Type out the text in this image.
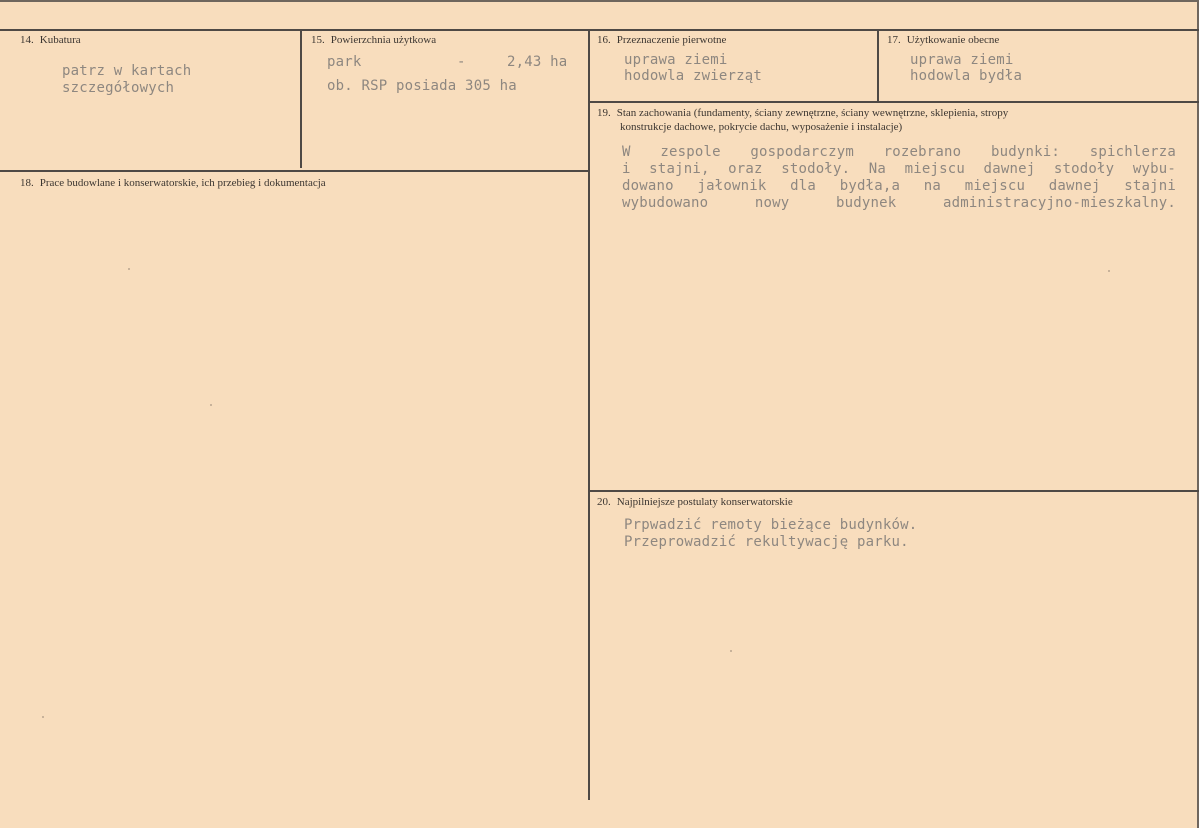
14. Kubatura
patrz w kartach
szczegółowych
15. Powierzchnia użytkowa
park	-	2,43 ha
ob. RSP posiada 305 ha
16. Przeznaczenie pierwotne
uprawa ziemi
hodowla zwierząt
17. Użytkowanie obecne
uprawa ziemi
hodowla bydła
18. Prace budowlane i konserwatorskie, ich przebieg i dokumentacja
19. Stan zachowania (fundamenty, ściany zewnętrzne, ściany wewnętrzne, sklepienia, stropy
konstrukcje dachowe, pokrycie dachu, wyposażenie i instalacje)
W zespole gospodarczym rozebrano budynki: spichlerza
i stajni, oraz stodoły. Na miejscu dawnej stodoły wybu-
dowano jałownik dla bydła,a na miejscu dawnej stajni
wybudowano nowy budynek administracyjno-mieszkalny.
20. Najpilniejsze postulaty konserwatorskie
Prpwadzić remoty bieżące budynków.
Przeprowadzić rekultywację parku.
